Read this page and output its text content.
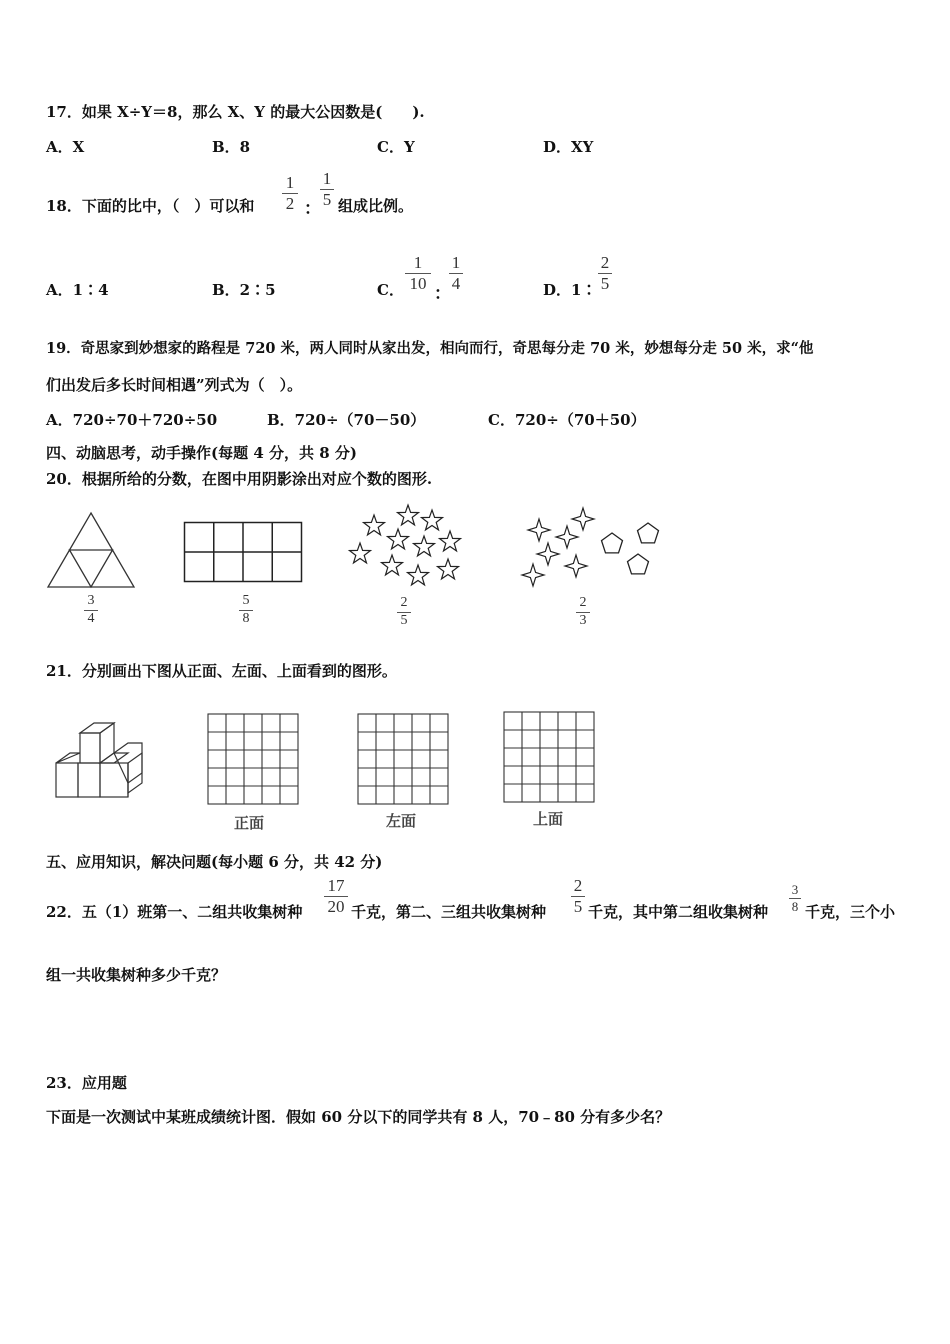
17．如果 X÷Y＝8，那么 X、Y 的最大公因数是(　　).
A．X	B．8	C．Y	D．XY
18．下面的比中，（　）可以和
1
2 ：
1
5 组成比例。
A．1∶4	B．2∶5	C．
1
10
：
1
4	D．1∶
2
5
19．奇思家到妙想家的路程是 720 米，两人同时从家出发，相向而行，奇思每分走 70 米，妙想每分走 50 米，求“他
们出发后多长时间相遇”列式为（　）。
A．720÷70＋720÷50	B．720÷（70－50）	C．720÷（70＋50）
四、动脑思考，动手操作(每题 4 分，共 8 分)
20．根据所给的分数，在图中用阴影涂出对应个数的图形.
3
4
5
8
2
5
2
3
21．分别画出下图从正面、左面、上面看到的图形。
正面	左面	上面
五、应用知识，解决问题(每小题 6 分，共 42 分)
22．五（1）班第一、二组共收集树种
17
20 千克，第二、三组共收集树种
2
5 千克，其中第二组收集树种
3
8 千克，三个小
组一共收集树种多少千克？
23．应用题
下面是一次测试中某班成绩统计图．假如 60 分以下的同学共有 8 人，70﹣80 分有多少名？
